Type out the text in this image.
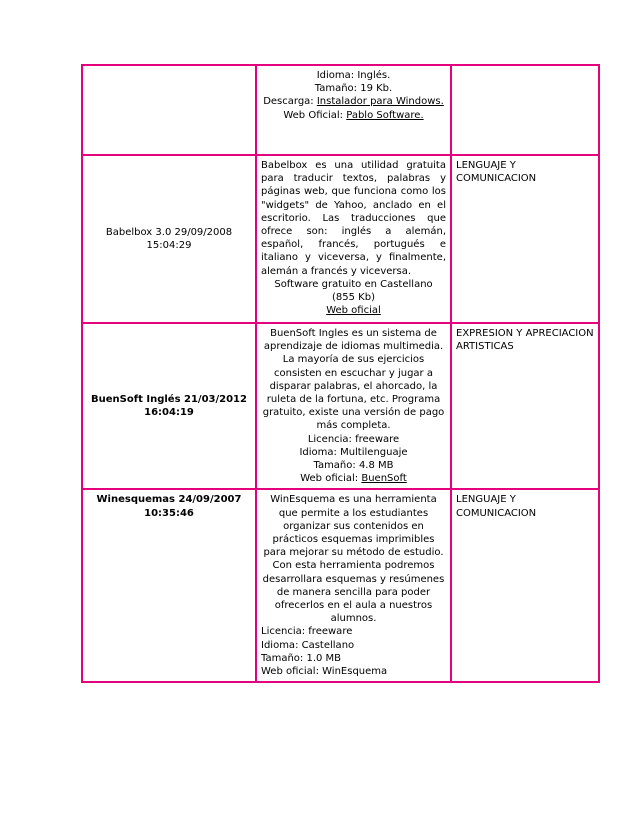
	Idioma: Inglés.
Tamaño: 19 Kb.
Descarga: Instalador para Windows.
Web Oficial: Pablo Software.	

Babelbox 3.0 29/09/2008 15:04:29	Babelbox es una utilidad gratuita para traducir textos, palabras y páginas web, que funciona como los "widgets" de Yahoo, anclado en el escritorio. Las traducciones que ofrece son: inglés a alemán, español, francés, portugués e italiano y viceversa, y finalmente, alemán a francés y viceversa.
Software gratuito en Castellano
(855 Kb)
Web oficial	LENGUAJE Y COMUNICACION
BuenSoft Inglés 21/03/2012 16:04:19	BuenSoft Ingles es un sistema de aprendizaje de idiomas multimedia. La mayoría de sus ejercicios consisten en escuchar y jugar a disparar palabras, el ahorcado, la ruleta de la fortuna, etc. Programa gratuito, existe una versión de pago más completa.
Licencia: freeware
Idioma: Multilenguaje
Tamaño: 4.8 MB
Web oficial: BuenSoft	EXPRESION Y APRECIACION ARTISTICAS
Winesquemas 24/09/2007 10:35:46	WinEsquema es una herramienta que permite a los estudiantes organizar sus contenidos en prácticos esquemas imprimibles para mejorar su método de estudio. Con esta herramienta podremos desarrollara esquemas y resúmenes de manera sencilla para poder ofrecerlos en el aula a nuestros alumnos.
Licencia: freeware
Idioma: Castellano
Tamaño: 1.0 MB
Web oficial: WinEsquema	LENGUAJE Y COMUNICACION
